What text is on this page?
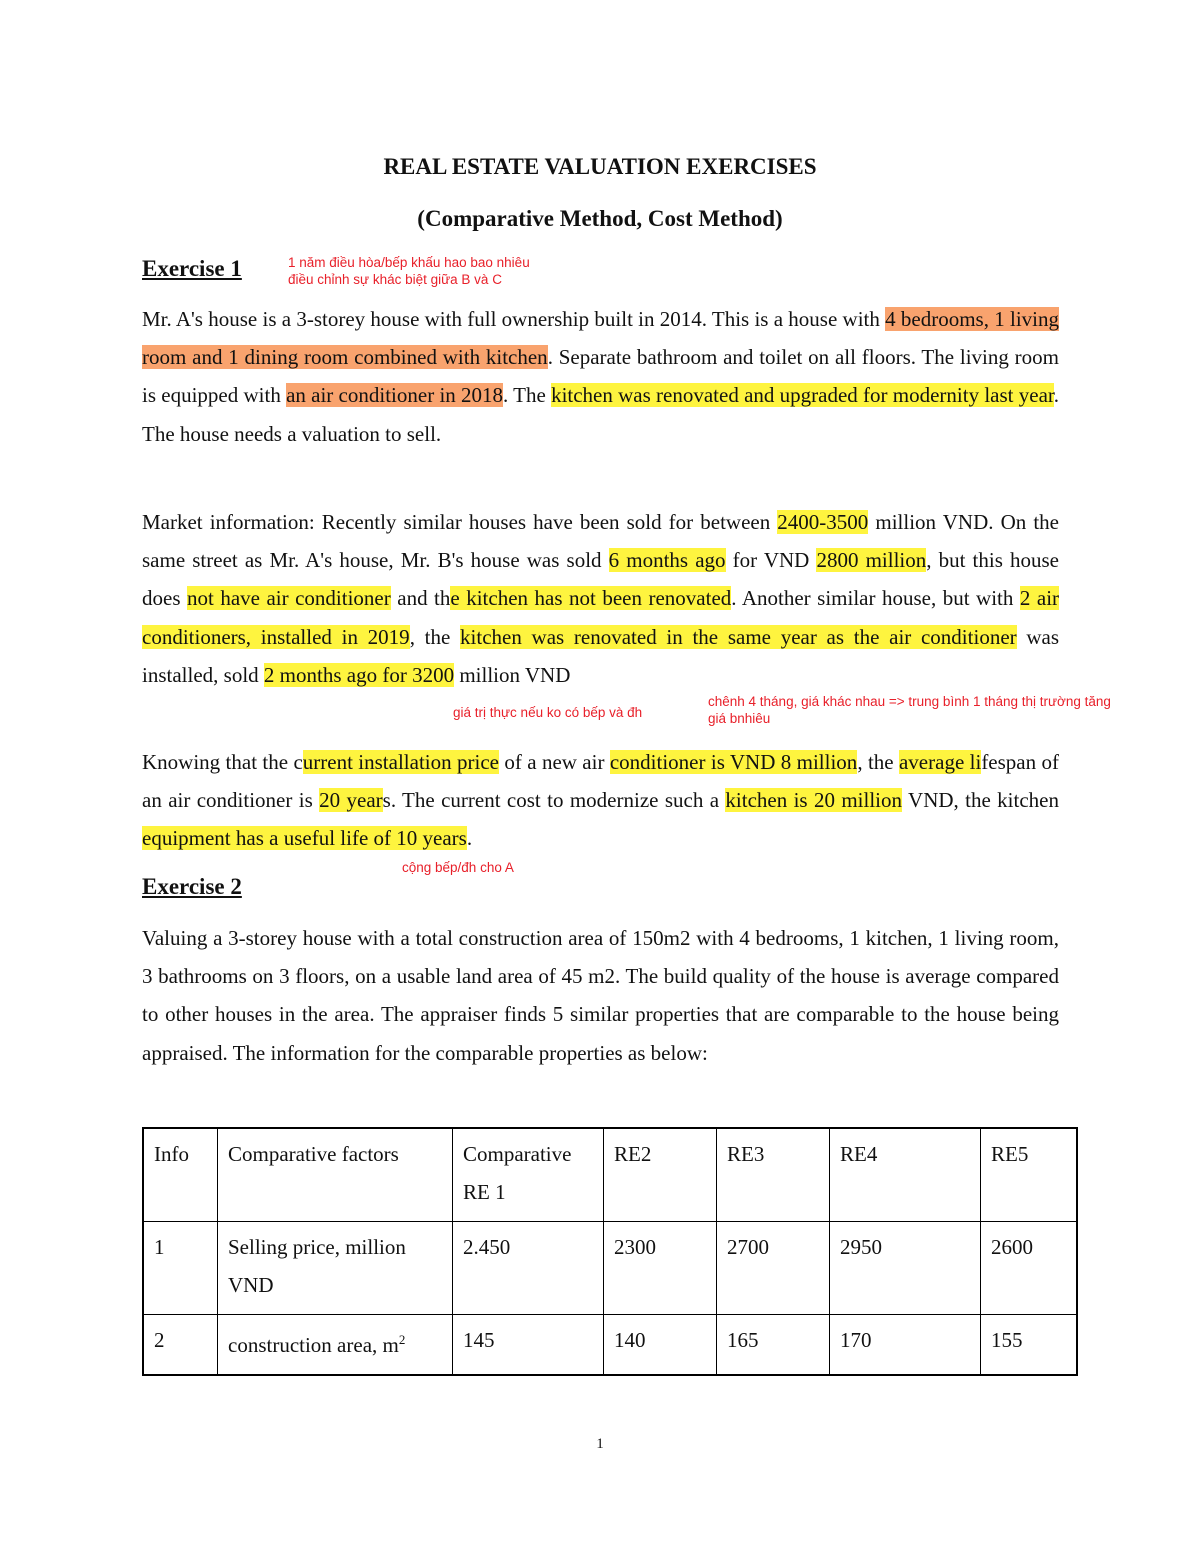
REAL ESTATE VALUATION EXERCISES
(Comparative Method, Cost Method)
Exercise 1	1 năm điều hòa/bếp khấu hao bao nhiêu
điều chỉnh sự khác biệt giữa B và C
Mr. A's house is a 3-storey house with full ownership built in 2014. This is a house with 4 bedrooms, 1 living room and 1 dining room combined with kitchen. Separate bathroom and toilet on all floors. The living room is equipped with an air conditioner in 2018. The kitchen was renovated and upgraded for modernity last year. The house needs a valuation to sell.
Market information: Recently similar houses have been sold for between 2400-3500 million VND. On the same street as Mr. A's house, Mr. B's house was sold 6 months ago for VND 2800 million, but this house does not have air conditioner and the kitchen has not been renovated. Another similar house, but with 2 air conditioners, installed in 2019, the kitchen was renovated in the same year as the air conditioner was installed, sold 2 months ago for 3200 million VND
giá trị thực nếu ko có bếp và đh
chênh 4 tháng, giá khác nhau => trung bình 1 tháng thị trường tăng
giá bnhiêu
Knowing that the current installation price of a new air conditioner is VND 8 million, the average lifespan of an air conditioner is 20 years. The current cost to modernize such a kitchen is 20 million VND, the kitchen equipment has a useful life of 10 years.
cộng bếp/đh cho A
Exercise 2
Valuing a 3-storey house with a total construction area of 150m2 with 4 bedrooms, 1 kitchen, 1 living room, 3 bathrooms on 3 floors, on a usable land area of 45 m2. The build quality of the house is average compared to other houses in the area. The appraiser finds 5 similar properties that are comparable to the house being appraised. The information for the comparable properties as below:
Info	Comparative factors	Comparative RE 1	RE2	RE3	RE4	RE5
1	Selling price, million VND	2.450	2300	2700	2950	2600
2	construction area, $m^2$	145	140	165	170	155
1
